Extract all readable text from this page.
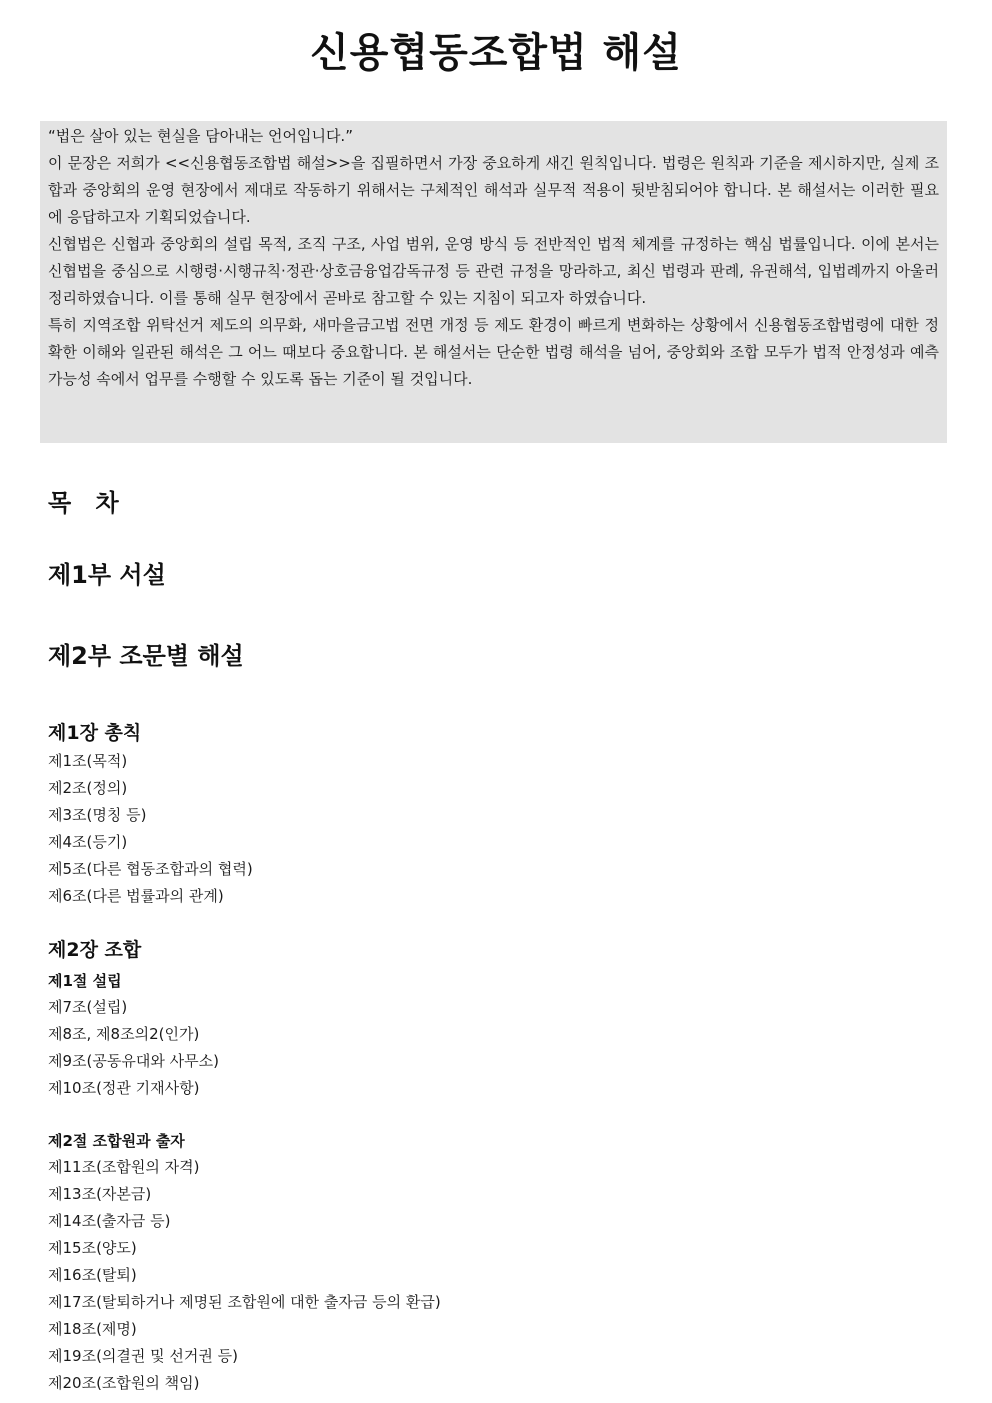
신용협동조합법 해설

“법은 살아 있는 현실을 담아내는 언어입니다.”

이 문장은 저희가 <<신용협동조합법 해설>>을 집필하면서 가장 중요하게 새긴 원칙입니다. 법령은 원칙과 기준을 제시하지만, 실제 조합과 중앙회의 운영 현장에서 제대로 작동하기 위해서는 구체적인 해석과 실무적 적용이 뒷받침되어야 합니다. 본 해설서는 이러한 필요에 응답하고자 기획되었습니다.

신협법은 신협과 중앙회의 설립 목적, 조직 구조, 사업 범위, 운영 방식 등 전반적인 법적 체계를 규정하는 핵심 법률입니다. 이에 본서는 신협법을 중심으로 시행령·시행규칙·정관·상호금융업감독규정 등 관련 규정을 망라하고, 최신 법령과 판례, 유권해석, 입법례까지 아울러 정리하였습니다. 이를 통해 실무 현장에서 곧바로 참고할 수 있는 지침이 되고자 하였습니다.

특히 지역조합 위탁선거 제도의 의무화, 새마을금고법 전면 개정 등 제도 환경이 빠르게 변화하는 상황에서 신용협동조합법령에 대한 정확한 이해와 일관된 해석은 그 어느 때보다 중요합니다. 본 해설서는 단순한 법령 해석을 넘어, 중앙회와 조합 모두가 법적 안정성과 예측 가능성 속에서 업무를 수행할 수 있도록 돕는 기준이 될 것입니다.

목 차
제1부 서설
제2부 조문별 해설
제1장 총칙
제1조(목적)
제2조(정의)
제3조(명칭 등)
제4조(등기)
제5조(다른 협동조합과의 협력)
제6조(다른 법률과의 관계)
제2장 조합
제1절 설립
제7조(설립)
제8조, 제8조의2(인가)
제9조(공동유대와 사무소)
제10조(정관 기재사항)
제2절 조합원과 출자
제11조(조합원의 자격)
제13조(자본금)
제14조(출자금 등)
제15조(양도)
제16조(탈퇴)
제17조(탈퇴하거나 제명된 조합원에 대한 출자금 등의 환급)
제18조(제명)
제19조(의결권 및 선거권 등)
제20조(조합원의 책임)
